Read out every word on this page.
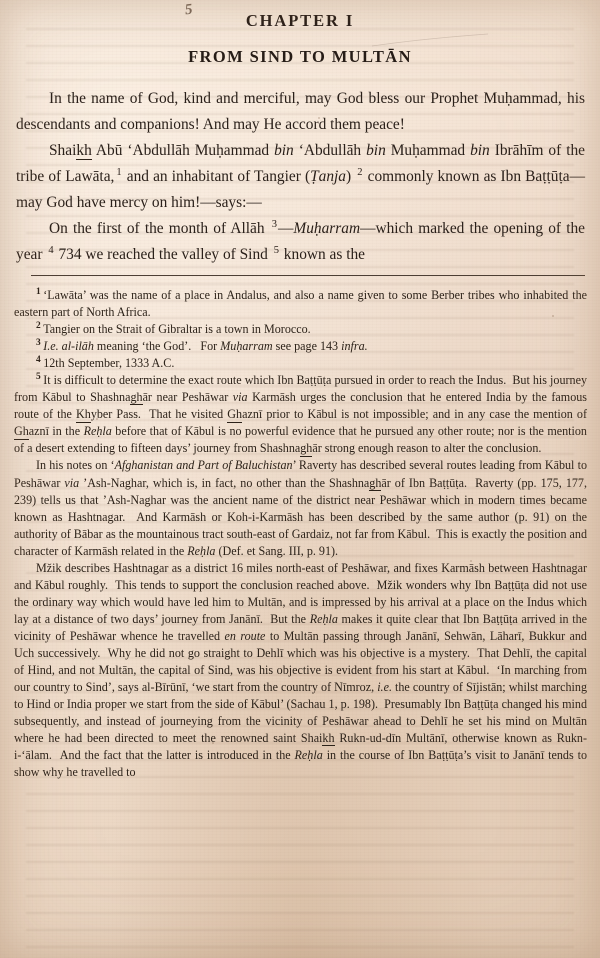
5
CHAPTER I
FROM SIND TO MULTĀN

In the name of God, kind and merciful, may God bless our Prophet Muḥammad, his descendants and companions! And may He accord them peace!

Shaikh Abū ‘Abdullāh Muḥammad bin ‘Abdullāh bin Muḥammad bin Ibrāhīm of the tribe of Lawāta, $^1$ and an inhabitant of Tangier (Ṭanja) $^2$ commonly known as Ibn Baṭṭūṭa—may God have mercy on him!—says:—

On the first of the month of Allāh $^3$—Muḥarram—which marked the opening of the year $^4$ 734 we reached the valley of Sind $^5$ known as the

$^1$ ‘Lawāta’ was the name of a place in Andalus, and also a name given to some Berber tribes who inhabited the eastern part of North Africa.

$^2$ Tangier on the Strait of Gibraltar is a town in Morocco.

$^3$ I.e. al-ilāh meaning ‘the God’.   For Muḥarram see page 143 infra.

$^4$ 12th September, 1333 A.C.

$^5$ It is difficult to determine the exact route which Ibn Baṭṭūṭa pursued in order to reach the Indus.  But his journey from Kābul to Shashnaghār near Peshāwar via Karmāsh urges the conclusion that he entered India by the famous route of the Khyber Pass.  That he visited Ghaznī prior to Kābul is not impossible; and in any case the mention of Ghaznī in the Reḥla before that of Kābul is no powerful evidence that he pursued any other route; nor is the mention of a desert extending to fifteen days’ journey from Shashnaghār strong enough reason to alter the conclusion.

In his notes on ‘Afghanistan and Part of Baluchistan’ Raverty has described several routes leading from Kābul to Peshāwar via ’Ash-Naghar, which is, in fact, no other than the Shashnaghār of Ibn Baṭṭūṭa.  Raverty (pp. 175, 177, 239) tells us that ’Ash-Naghar was the ancient name of the district near Peshāwar which in modern times became known as Hashtnagar.  And Karmāsh or Koh-i-Karmāsh has been described by the same author (p. 91) on the authority of Bābar as the mountainous tract south-east of Gardaiz, not far from Kābul.  This is exactly the position and character of Karmāsh related in the Reḥla (Def. et Sang. III, p. 91).

Mžik describes Hashtnagar as a district 16 miles north-east of Peshāwar, and fixes Karmāsh between Hashtnagar and Kābul roughly.  This tends to support the conclusion reached above.  Mžik wonders why Ibn Baṭṭūṭa did not use the ordinary way which would have led him to Multān, and is impressed by his arrival at a place on the Indus which lay at a distance of two days’ journey from Janānī.  But the Reḥla makes it quite clear that Ibn Baṭṭūṭa arrived in the vicinity of Peshāwar whence he travelled en route to Multān passing through Janānī, Sehwān, Lāharī, Bukkur and Uch successively.  Why he did not go straight to Dehlī which was his objective is a mystery.  That Dehlī, the capital of Hind, and not Multān, the capital of Sind, was his objective is evident from his start at Kābul.  ‘In marching from our country to Sind’, says al-Bīrūnī, ‘we start from the country of Nīmroz, i.e. the country of Sījistān; whilst marching to Hind or India proper we start from the side of Kābul’ (Sachau 1, p. 198).  Presumably Ibn Baṭṭūṭa changed his mind subsequently, and instead of journeying from the vicinity of Peshāwar ahead to Dehlī he set his mind on Multān where he had been directed to meet the renowned saint Shaikh Rukn-ud-dīn Multānī, otherwise known as Rukn-i-‘ālam.  And the fact that the latter is introduced in the Reḥla in the course of Ibn Baṭṭūṭa’s visit to Janānī tends to show why he travelled to
